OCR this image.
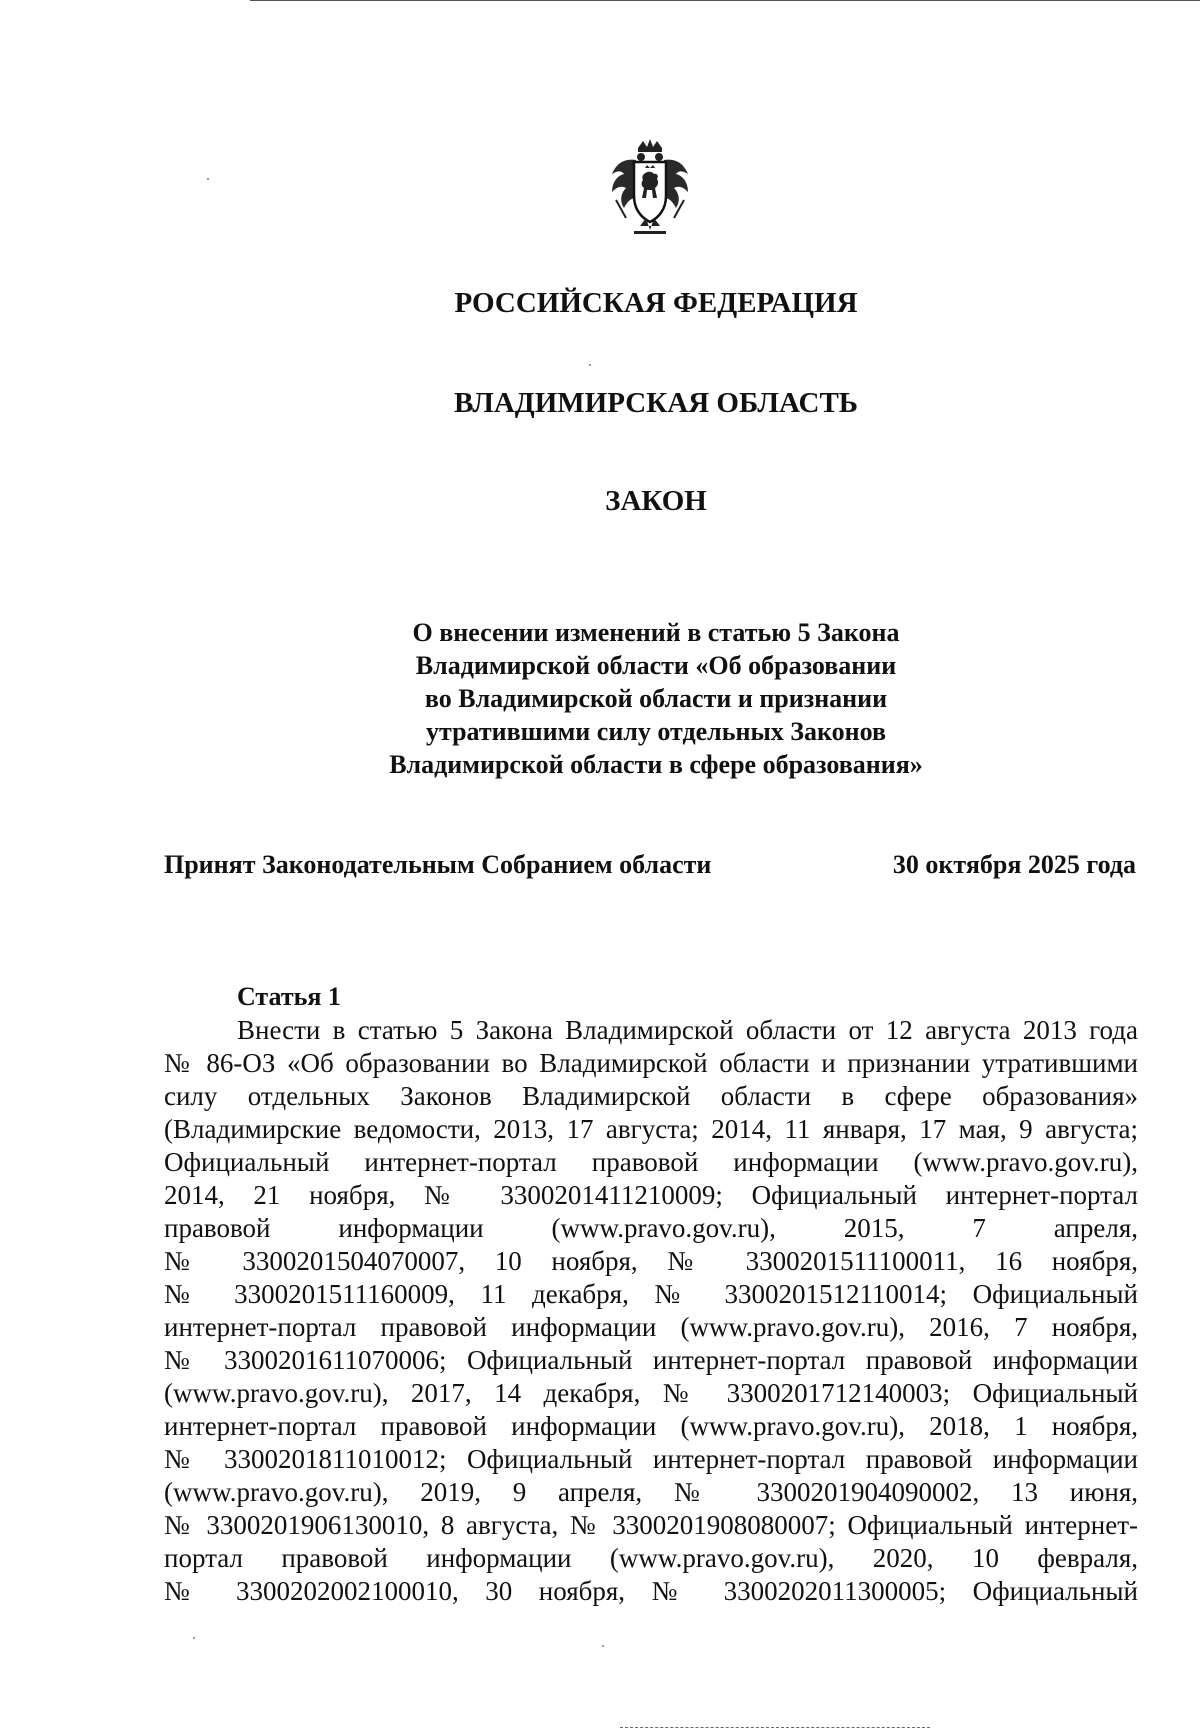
РОССИЙСКАЯ ФЕДЕРАЦИЯ
ВЛАДИМИРСКАЯ ОБЛАСТЬ
ЗАКОН
О внесении изменений в статью 5 Закона
Владимирской области «Об образовании
во Владимирской области и признании
утратившими силу отдельных Законов
Владимирской области в сфере образования»
Принят Законодательным Собранием области	30 октября 2025 года
Статья 1
Внести в статью 5 Закона Владимирской области от 12 августа 2013 года
№ 86-ОЗ «Об образовании во Владимирской области и признании утратившими
силу отдельных Законов Владимирской области в сфере образования»
(Владимирские ведомости, 2013, 17 августа; 2014, 11 января, 17 мая, 9 августа;
Официальный интернет-портал правовой информации (www.pravo.gov.ru),
2014, 21 ноября, № 3300201411210009; Официальный интернет-портал
правовой информации (www.pravo.gov.ru), 2015, 7 апреля,
№ 3300201504070007, 10 ноября, № 3300201511100011, 16 ноября,
№ 3300201511160009, 11 декабря, № 3300201512110014; Официальный
интернет-портал правовой информации (www.pravo.gov.ru), 2016, 7 ноября,
№ 3300201611070006; Официальный интернет-портал правовой информации
(www.pravo.gov.ru), 2017, 14 декабря, № 3300201712140003; Официальный
интернет-портал правовой информации (www.pravo.gov.ru), 2018, 1 ноября,
№ 3300201811010012; Официальный интернет-портал правовой информации
(www.pravo.gov.ru), 2019, 9 апреля, № 3300201904090002, 13 июня,
№ 3300201906130010, 8 августа, № 3300201908080007; Официальный интернет-
портал правовой информации (www.pravo.gov.ru), 2020, 10 февраля,
№ 3300202002100010, 30 ноября, № 3300202011300005; Официальный
